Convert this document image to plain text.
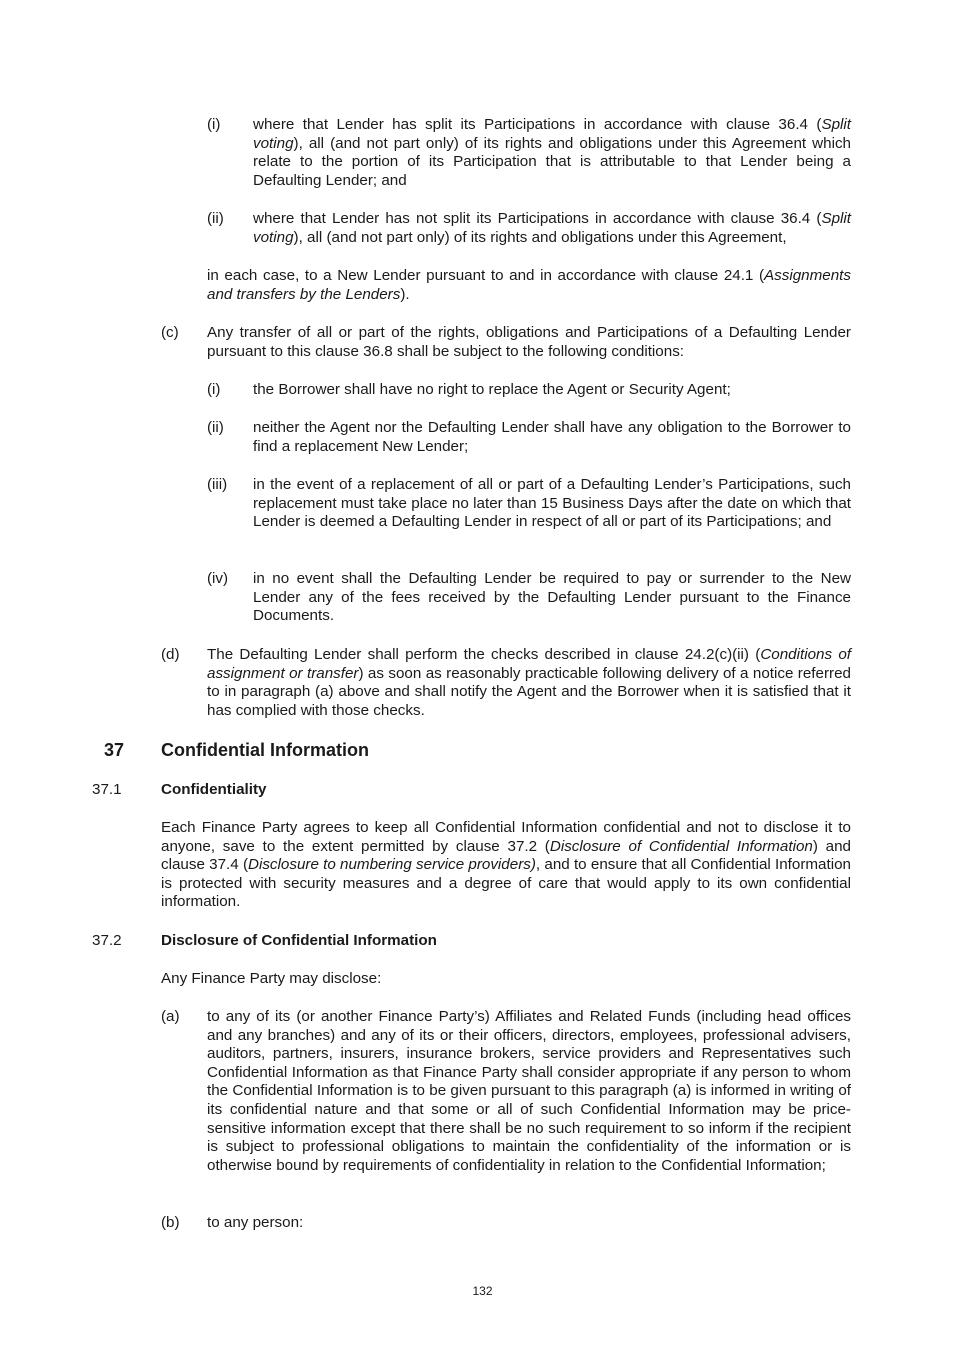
(i) where that Lender has split its Participations in accordance with clause 36.4 (Split voting), all (and not part only) of its rights and obligations under this Agreement which relate to the portion of its Participation that is attributable to that Lender being a Defaulting Lender; and
(ii) where that Lender has not split its Participations in accordance with clause 36.4 (Split voting), all (and not part only) of its rights and obligations under this Agreement,
in each case, to a New Lender pursuant to and in accordance with clause 24.1 (Assignments and transfers by the Lenders).
(c) Any transfer of all or part of the rights, obligations and Participations of a Defaulting Lender pursuant to this clause 36.8 shall be subject to the following conditions:
(i) the Borrower shall have no right to replace the Agent or Security Agent;
(ii) neither the Agent nor the Defaulting Lender shall have any obligation to the Borrower to find a replacement New Lender;
(iii) in the event of a replacement of all or part of a Defaulting Lender’s Participations, such replacement must take place no later than 15 Business Days after the date on which that Lender is deemed a Defaulting Lender in respect of all or part of its Participations; and
(iv) in no event shall the Defaulting Lender be required to pay or surrender to the New Lender any of the fees received by the Defaulting Lender pursuant to the Finance Documents.
(d) The Defaulting Lender shall perform the checks described in clause 24.2(c)(ii) (Conditions of assignment or transfer) as soon as reasonably practicable following delivery of a notice referred to in paragraph (a) above and shall notify the Agent and the Borrower when it is satisfied that it has complied with those checks.
37 Confidential Information
37.1	Confidentiality
Each Finance Party agrees to keep all Confidential Information confidential and not to disclose it to anyone, save to the extent permitted by clause 37.2 (Disclosure of Confidential Information) and clause 37.4 (Disclosure to numbering service providers), and to ensure that all Confidential Information is protected with security measures and a degree of care that would apply to its own confidential information.
37.2	Disclosure of Confidential Information
Any Finance Party may disclose:
(a) to any of its (or another Finance Party’s) Affiliates and Related Funds (including head offices and any branches) and any of its or their officers, directors, employees, professional advisers, auditors, partners, insurers, insurance brokers, service providers and Representatives such Confidential Information as that Finance Party shall consider appropriate if any person to whom the Confidential Information is to be given pursuant to this paragraph (a) is informed in writing of its confidential nature and that some or all of such Confidential Information may be price-sensitive information except that there shall be no such requirement to so inform if the recipient is subject to professional obligations to maintain the confidentiality of the information or is otherwise bound by requirements of confidentiality in relation to the Confidential Information;
(b) to any person:
132
